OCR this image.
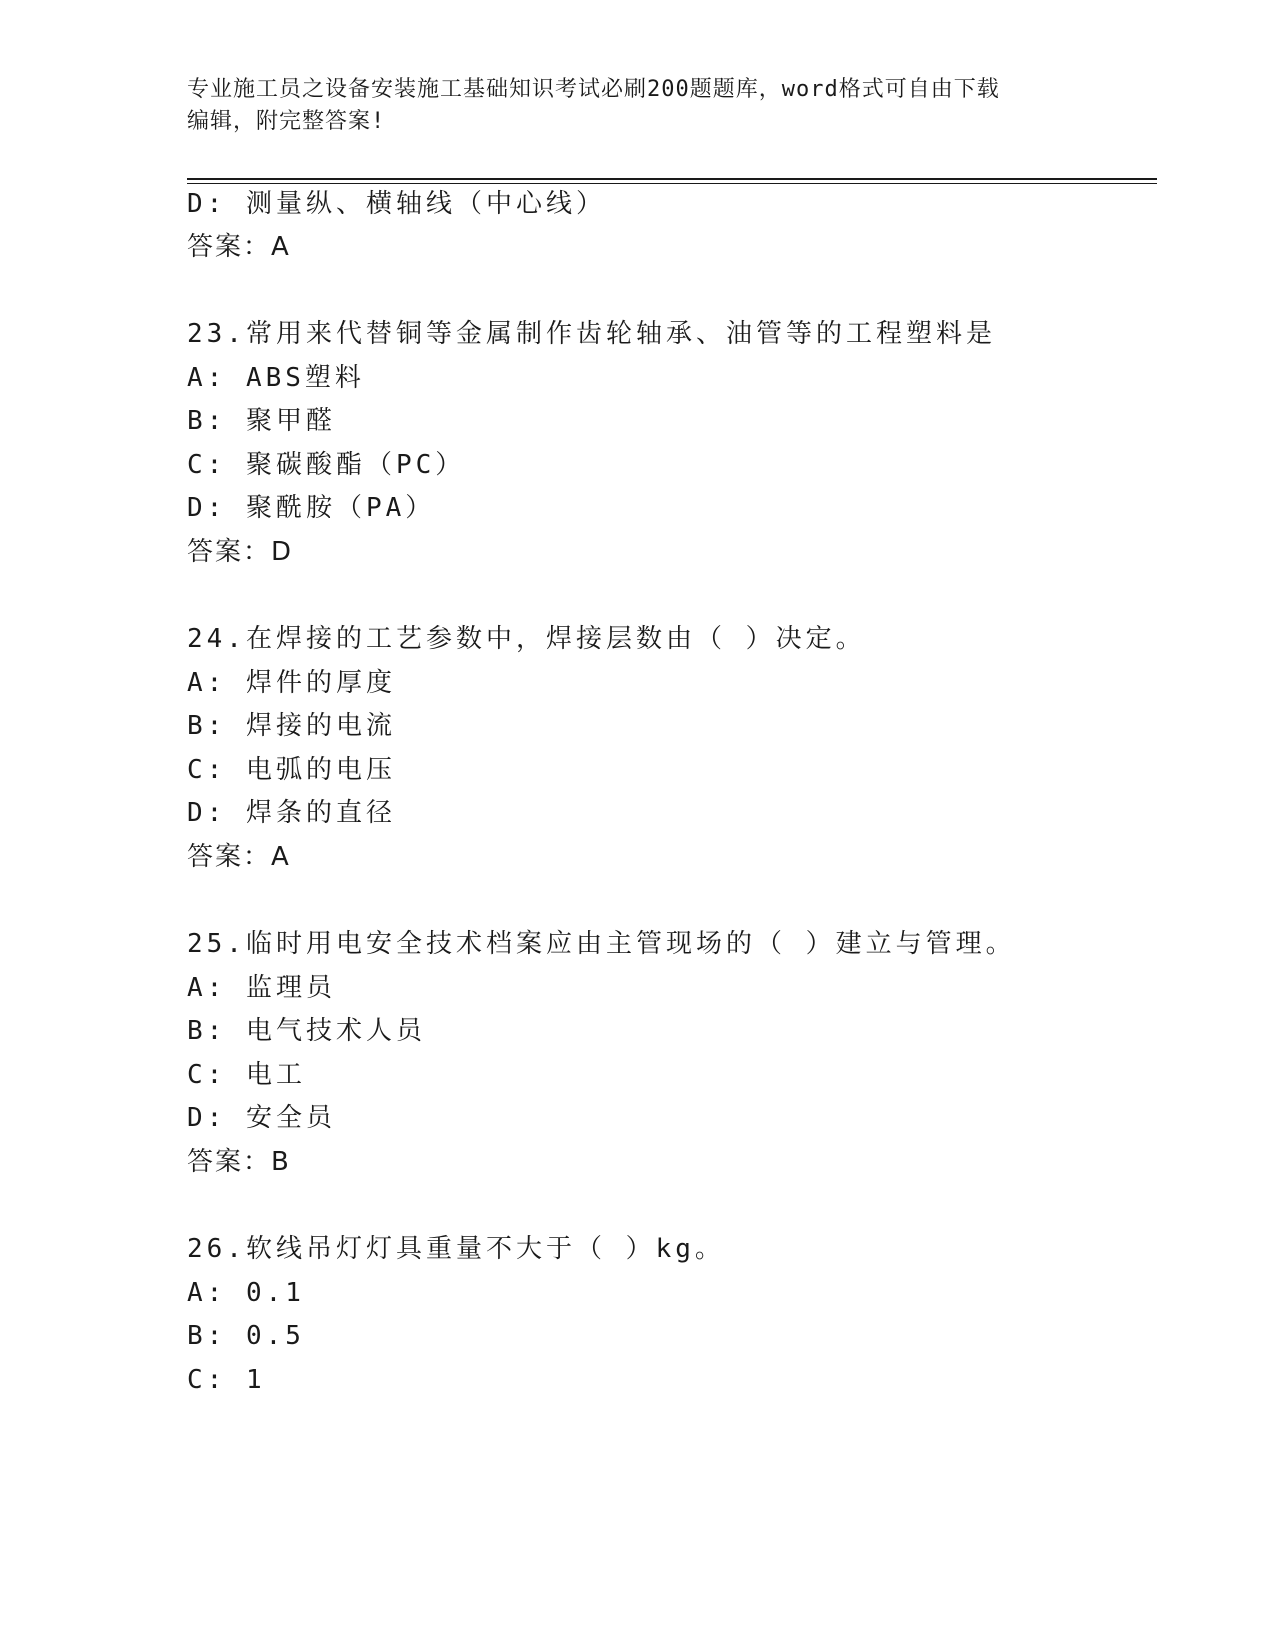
专业施工员之设备安装施工基础知识考试必刷200题题库，word格式可自由下载
编辑，附完整答案!
D: 测量纵、横轴线（中心线）
答案：A
23.常用来代替铜等金属制作齿轮轴承、油管等的工程塑料是
A: ABS塑料
B: 聚甲醛
C: 聚碳酸酯（PC）
D: 聚酰胺（PA）
答案：D
24.在焊接的工艺参数中，焊接层数由（ ）决定。
A: 焊件的厚度
B: 焊接的电流
C: 电弧的电压
D: 焊条的直径
答案：A
25.临时用电安全技术档案应由主管现场的（ ）建立与管理。
A: 监理员
B: 电气技术人员
C: 电工
D: 安全员
答案：B
26.软线吊灯灯具重量不大于（ ）kg。
A: 0.1
B: 0.5
C: 1
